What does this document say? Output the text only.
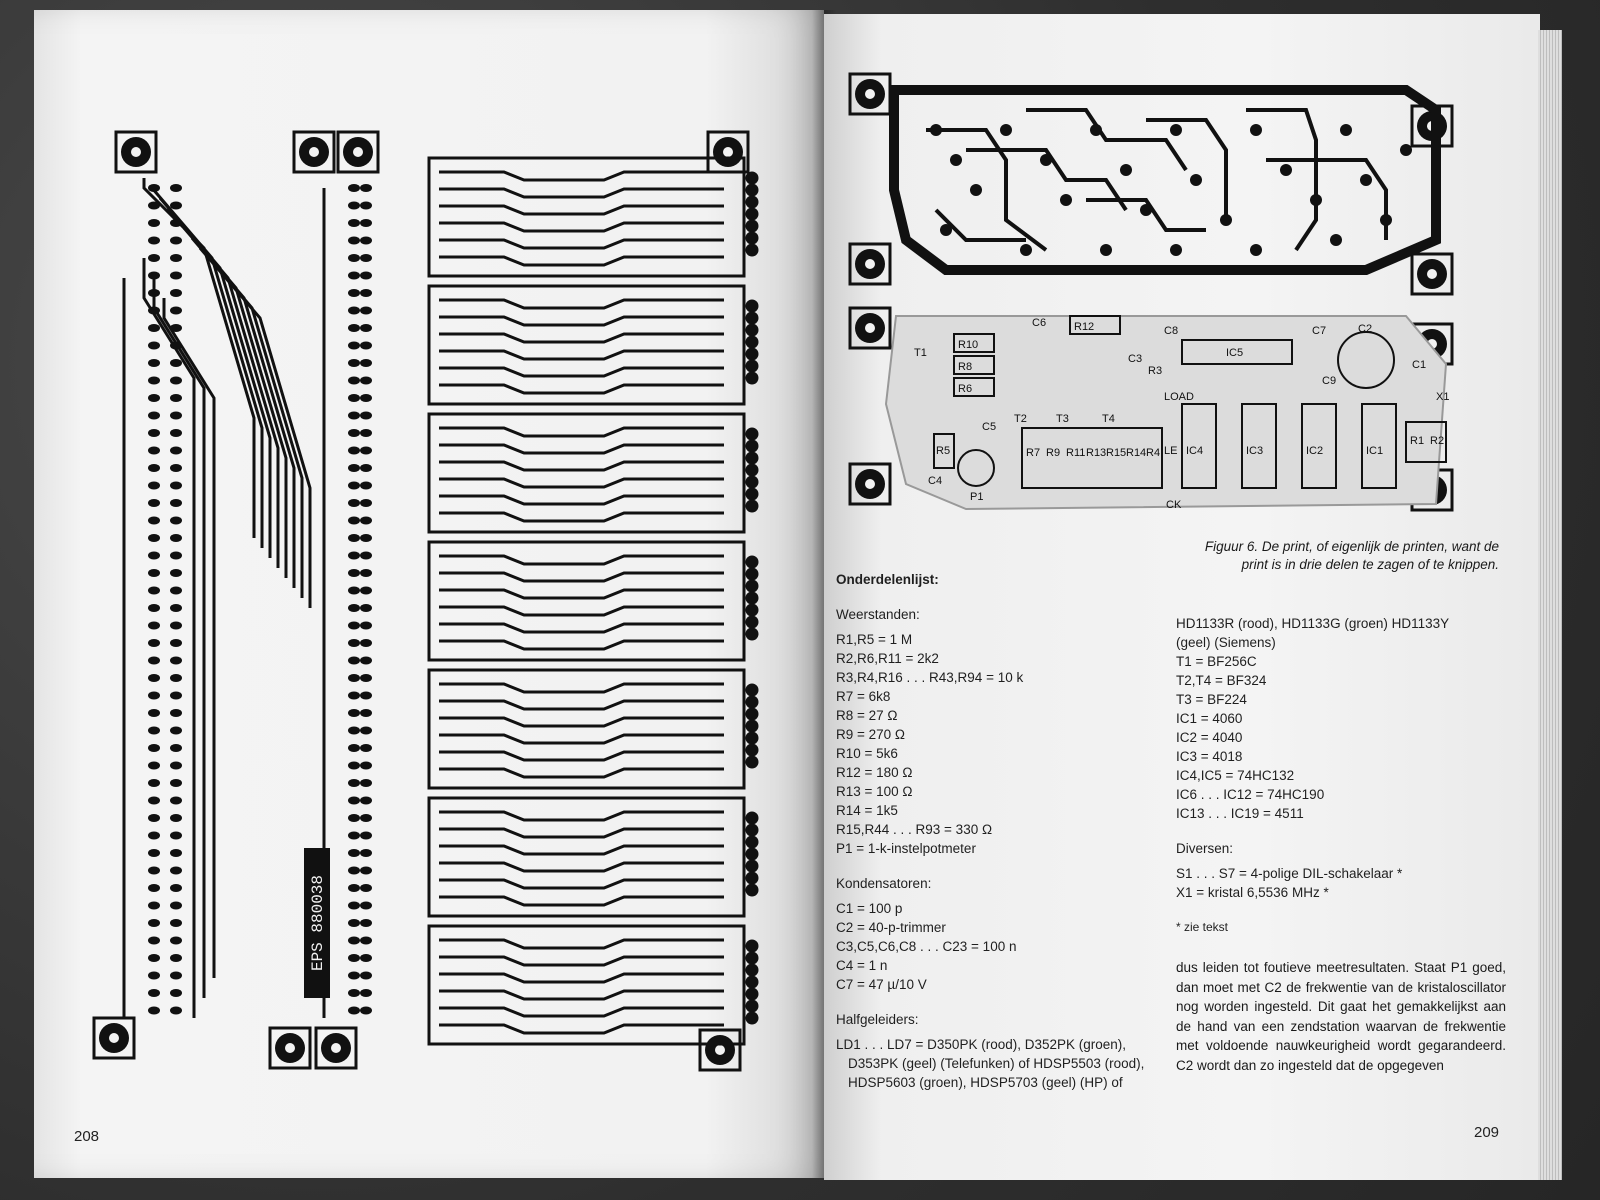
EPS 880038
208
R10
R8
R6
R12
C6
C8
C3
R3
IC5
C7	C2
C1
C9
X1
T1
T2	T3	T4
C5
R5
C4
P1
R7 R9 R11 R13 R15 R14 R4 IC4	IC3	IC2	IC1
R1 R2
LOAD
CK
LE
Figuur 6. De print, of eigenlijk de printen, want de print is in drie delen te zagen of te knippen.
Onderdelenlijst:
Weerstanden:
R1,R5 = 1 M
R2,R6,R11 = 2k2
R3,R4,R16 . . . R43,R94 = 10 k
R7 = 6k8
R8 = 27 Ω
R9 = 270 Ω
R10 = 5k6
R12 = 180 Ω
R13 = 100 Ω
R14 = 1k5
R15,R44 . . . R93 = 330 Ω
P1 = 1-k-instelpotmeter
Kondensatoren:
C1 = 100 p
C2 = 40-p-trimmer
C3,C5,C6,C8 . . . C23 = 100 n
C4 = 1 n
C7 = 47 µ/10 V
Halfgeleiders:
LD1 . . . LD7 = D350PK (rood), D352PK (groen),
D353PK (geel) (Telefunken) of HDSP5503 (rood),
HDSP5603 (groen), HDSP5703 (geel) (HP) of
HD1133R (rood), HD1133G (groen) HD1133Y
(geel) (Siemens)
T1 = BF256C
T2,T4 = BF324
T3 = BF224
IC1 = 4060
IC2 = 4040
IC3 = 4018
IC4,IC5 = 74HC132
IC6 . . . IC12 = 74HC190
IC13 . . . IC19 = 4511
Diversen:
S1 . . . S7 = 4-polige DIL-schakelaar *
X1 = kristal 6,5536 MHz *
* zie tekst
dus leiden tot foutieve meetresultaten. Staat P1 goed, dan moet met C2 de frekwentie van de kristaloscillator nog worden ingesteld. Dit gaat het gemakkelijkst aan de hand van een zendstation waarvan de frekwentie met voldoende nauwkeurigheid wordt gegarandeerd. C2 wordt dan zo ingesteld dat de opgegeven
209
